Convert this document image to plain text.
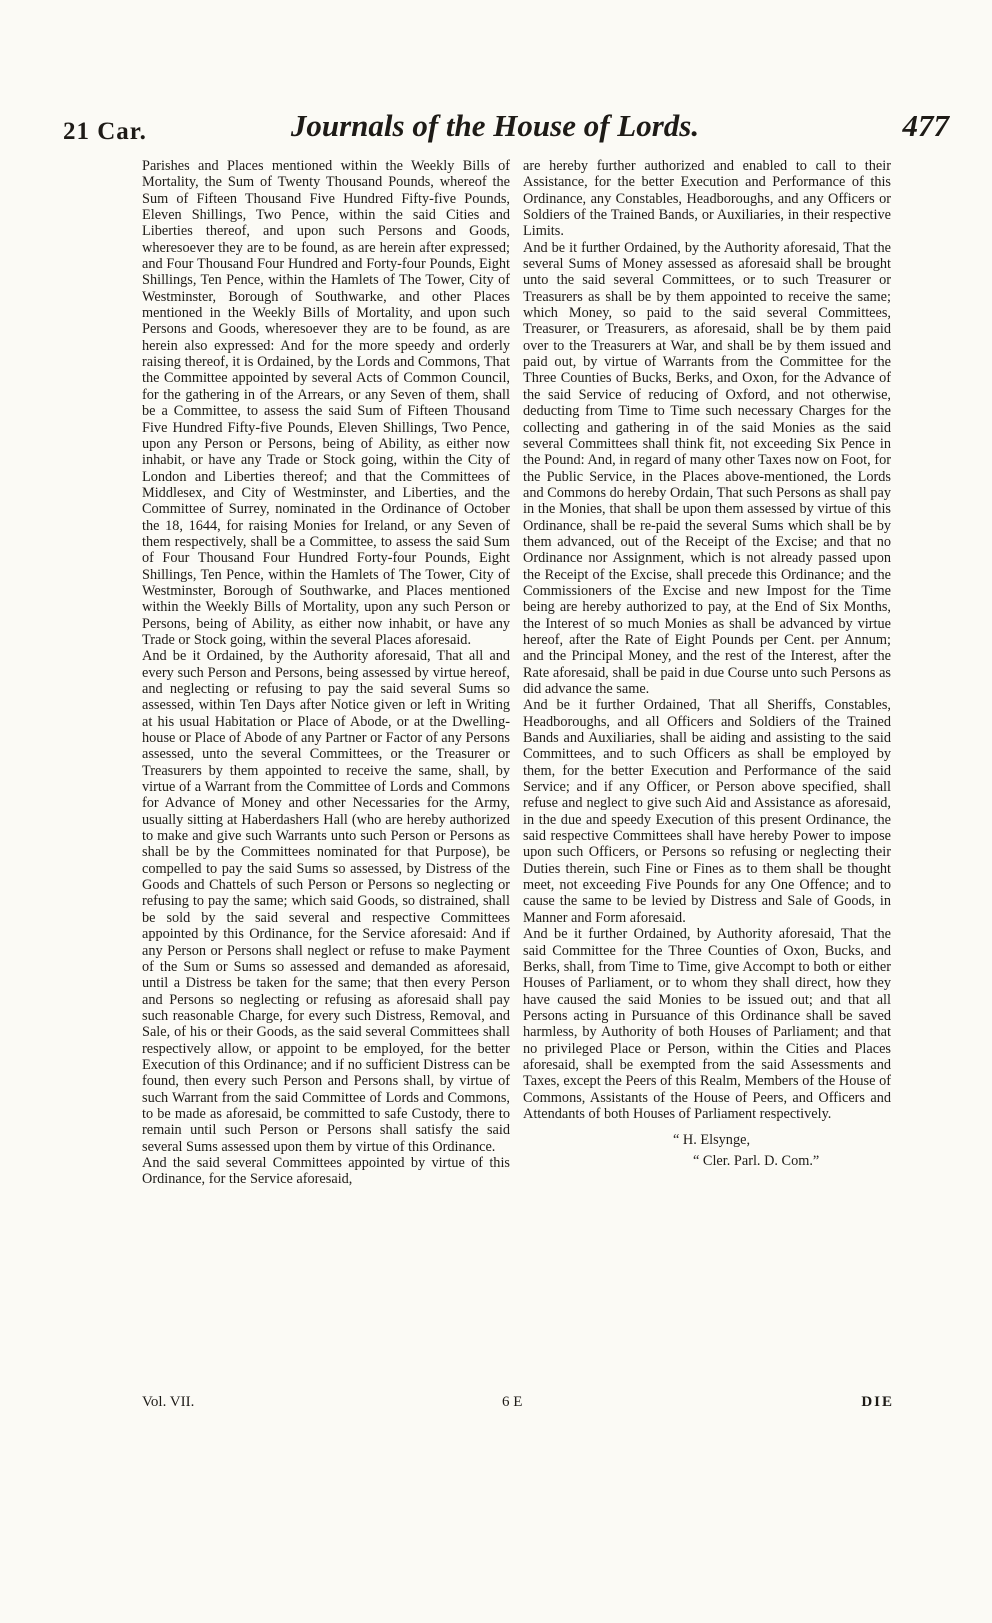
21 Car.	Journals of the House of Lords.	477

Parishes and Places mentioned within the Weekly Bills of Mortality, the Sum of Twenty Thousand Pounds, whereof the Sum of Fifteen Thousand Five Hundred Fifty-five Pounds, Eleven Shillings, Two Pence, within the said Cities and Liberties thereof, and upon such Persons and Goods, wheresoever they are to be found, as are herein after expressed; and Four Thousand Four Hundred and Forty-four Pounds, Eight Shillings, Ten Pence, within the Hamlets of The Tower, City of Westminster, Borough of Southwarke, and other Places mentioned in the Weekly Bills of Mortality, and upon such Persons and Goods, wheresoever they are to be found, as are herein also expressed: And for the more speedy and orderly raising thereof, it is Ordained, by the Lords and Commons, That the Committee appointed by several Acts of Common Council, for the gathering in of the Arrears, or any Seven of them, shall be a Committee, to assess the said Sum of Fifteen Thousand Five Hundred Fifty-five Pounds, Eleven Shillings, Two Pence, upon any Person or Persons, being of Ability, as either now inhabit, or have any Trade or Stock going, within the City of London and Liberties thereof; and that the Committees of Middlesex, and City of Westminster, and Liberties, and the Committee of Surrey, nominated in the Ordinance of October the 18, 1644, for raising Monies for Ireland, or any Seven of them respectively, shall be a Committee, to assess the said Sum of Four Thousand Four Hundred Forty-four Pounds, Eight Shillings, Ten Pence, within the Hamlets of The Tower, City of Westminster, Borough of Southwarke, and Places mentioned within the Weekly Bills of Mortality, upon any such Person or Persons, being of Ability, as either now inhabit, or have any Trade or Stock going, within the several Places aforesaid.

And be it Ordained, by the Authority aforesaid, That all and every such Person and Persons, being assessed by virtue hereof, and neglecting or refusing to pay the said several Sums so assessed, within Ten Days after Notice given or left in Writing at his usual Habitation or Place of Abode, or at the Dwelling-house or Place of Abode of any Partner or Factor of any Persons assessed, unto the several Committees, or the Treasurer or Treasurers by them appointed to receive the same, shall, by virtue of a Warrant from the Committee of Lords and Commons for Advance of Money and other Necessaries for the Army, usually sitting at Haberdashers Hall (who are hereby authorized to make and give such Warrants unto such Person or Persons as shall be by the Committees nominated for that Purpose), be compelled to pay the said Sums so assessed, by Distress of the Goods and Chattels of such Person or Persons so neglecting or refusing to pay the same; which said Goods, so distrained, shall be sold by the said several and respective Committees appointed by this Ordinance, for the Service aforesaid: And if any Person or Persons shall neglect or refuse to make Payment of the Sum or Sums so assessed and demanded as aforesaid, until a Distress be taken for the same; that then every Person and Persons so neglecting or refusing as aforesaid shall pay such reasonable Charge, for every such Distress, Removal, and Sale, of his or their Goods, as the said several Committees shall respectively allow, or appoint to be employed, for the better Execution of this Ordinance; and if no sufficient Distress can be found, then every such Person and Persons shall, by virtue of such Warrant from the said Committee of Lords and Commons, to be made as aforesaid, be committed to safe Custody, there to remain until such Person or Persons shall satisfy the said several Sums assessed upon them by virtue of this Ordinance.

And the said several Committees appointed by virtue of this Ordinance, for the Service aforesaid,

are hereby further authorized and enabled to call to their Assistance, for the better Execution and Performance of this Ordinance, any Constables, Headboroughs, and any Officers or Soldiers of the Trained Bands, or Auxiliaries, in their respective Limits.

And be it further Ordained, by the Authority aforesaid, That the several Sums of Money assessed as aforesaid shall be brought unto the said several Committees, or to such Treasurer or Treasurers as shall be by them appointed to receive the same; which Money, so paid to the said several Committees, Treasurer, or Treasurers, as aforesaid, shall be by them paid over to the Treasurers at War, and shall be by them issued and paid out, by virtue of Warrants from the Committee for the Three Counties of Bucks, Berks, and Oxon, for the Advance of the said Service of reducing of Oxford, and not otherwise, deducting from Time to Time such necessary Charges for the collecting and gathering in of the said Monies as the said several Committees shall think fit, not exceeding Six Pence in the Pound: And, in regard of many other Taxes now on Foot, for the Public Service, in the Places above-mentioned, the Lords and Commons do hereby Ordain, That such Persons as shall pay in the Monies, that shall be upon them assessed by virtue of this Ordinance, shall be re-paid the several Sums which shall be by them advanced, out of the Receipt of the Excise; and that no Ordinance nor Assignment, which is not already passed upon the Receipt of the Excise, shall precede this Ordinance; and the Commissioners of the Excise and new Impost for the Time being are hereby authorized to pay, at the End of Six Months, the Interest of so much Monies as shall be advanced by virtue hereof, after the Rate of Eight Pounds per Cent. per Annum; and the Principal Money, and the rest of the Interest, after the Rate aforesaid, shall be paid in due Course unto such Persons as did advance the same.

And be it further Ordained, That all Sheriffs, Constables, Headboroughs, and all Officers and Soldiers of the Trained Bands and Auxiliaries, shall be aiding and assisting to the said Committees, and to such Officers as shall be employed by them, for the better Execution and Performance of the said Service; and if any Officer, or Person above specified, shall refuse and neglect to give such Aid and Assistance as aforesaid, in the due and speedy Execution of this present Ordinance, the said respective Committees shall have hereby Power to impose upon such Officers, or Persons so refusing or neglecting their Duties therein, such Fine or Fines as to them shall be thought meet, not exceeding Five Pounds for any One Offence; and to cause the same to be levied by Distress and Sale of Goods, in Manner and Form aforesaid.

And be it further Ordained, by Authority aforesaid, That the said Committee for the Three Counties of Oxon, Bucks, and Berks, shall, from Time to Time, give Accompt to both or either Houses of Parliament, or to whom they shall direct, how they have caused the said Monies to be issued out; and that all Persons acting in Pursuance of this Ordinance shall be saved harmless, by Authority of both Houses of Parliament; and that no privileged Place or Person, within the Cities and Places aforesaid, shall be exempted from the said Assessments and Taxes, except the Peers of this Realm, Members of the House of Commons, Assistants of the House of Peers, and Officers and Attendants of both Houses of Parliament respectively.

“ H. Elsynge,
“ Cler. Parl. D. Com.”
Vol. VII.	6 E	DIE
